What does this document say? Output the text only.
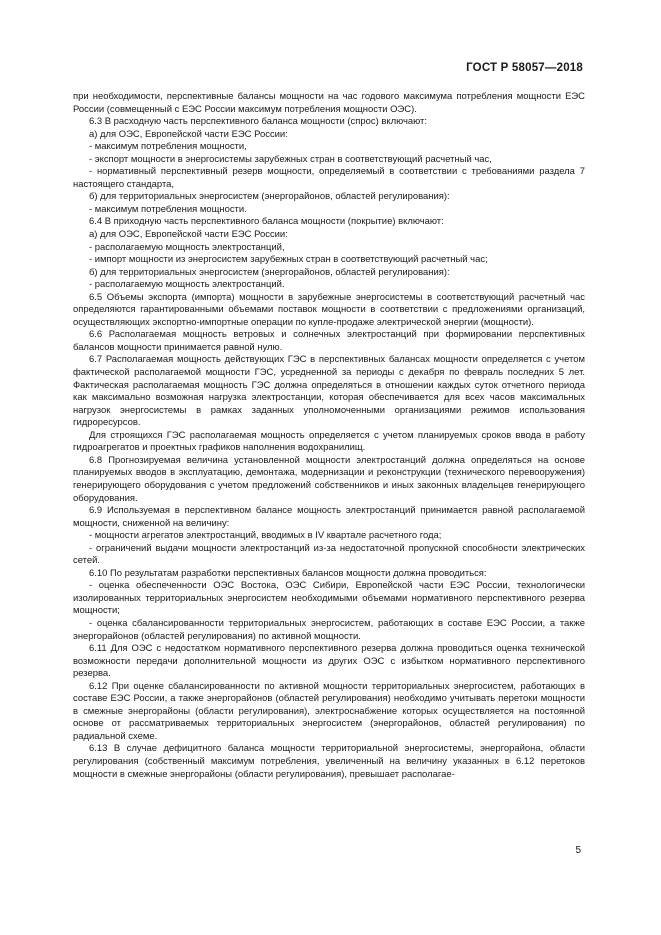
ГОСТ Р 58057—2018

при необходимости, перспективные балансы мощности на час годового максимума потребления мощности ЕЭС России (совмещенный с ЕЭС России максимум потребления мощности ОЭС).

6.3 В расходную часть перспективного баланса мощности (спрос) включают:

а) для ОЭС, Европейской части ЕЭС России:

- максимум потребления мощности,

- экспорт мощности в энергосистемы зарубежных стран в соответствующий расчетный час,

- нормативный перспективный резерв мощности, определяемый в соответствии с требованиями раздела 7 настоящего стандарта,

б) для территориальных энергосистем (энергорайонов, областей регулирования):

- максимум потребления мощности.

6.4 В приходную часть перспективного баланса мощности (покрытие) включают:

а) для ОЭС, Европейской части ЕЭС России:

- располагаемую мощность электростанций,

- импорт мощности из энергосистем зарубежных стран в соответствующий расчетный час;

б) для территориальных энергосистем (энергорайонов, областей регулирования):

- располагаемую мощность электростанций.

6.5 Объемы экспорта (импорта) мощности в зарубежные энергосистемы в соответствующий расчетный час определяются гарантированными объемами поставок мощности в соответствии с предложениями организаций, осуществляющих экспортно-импортные операции по купле-продаже электрической энергии (мощности).

6.6 Располагаемая мощность ветровых и солнечных электростанций при формировании перспективных балансов мощности принимается равной нулю.

6.7 Располагаемая мощность действующих ГЭС в перспективных балансах мощности определяется с учетом фактической располагаемой мощности ГЭС, усредненной за периоды с декабря по февраль последних 5 лет. Фактическая располагаемая мощность ГЭС должна определяться в отношении каждых суток отчетного периода как максимально возможная нагрузка электростанции, которая обеспечивается для всех часов максимальных нагрузок энергосистемы в рамках заданных уполномоченными организациями режимов использования гидроресурсов.

Для строящихся ГЭС располагаемая мощность определяется с учетом планируемых сроков ввода в работу гидроагрегатов и проектных графиков наполнения водохранилищ.

6.8 Прогнозируемая величина установленной мощности электростанций должна определяться на основе планируемых вводов в эксплуатацию, демонтажа, модернизации и реконструкции (технического перевооружения) генерирующего оборудования с учетом предложений собственников и иных законных владельцев генерирующего оборудования.

6.9 Используемая в перспективном балансе мощность электростанций принимается равной располагаемой мощности, сниженной на величину:

- мощности агрегатов электростанций, вводимых в IV квартале расчетного года;

- ограничений выдачи мощности электростанций из-за недостаточной пропускной способности электрических сетей.

6.10 По результатам разработки перспективных балансов мощности должна проводиться:

- оценка обеспеченности ОЭС Востока, ОЭС Сибири, Европейской части ЕЭС России, технологически изолированных территориальных энергосистем необходимыми объемами нормативного перспективного резерва мощности;

- оценка сбалансированности территориальных энергосистем, работающих в составе ЕЭС России, а также энергорайонов (областей регулирования) по активной мощности.

6.11 Для ОЭС с недостатком нормативного перспективного резерва должна проводиться оценка технической возможности передачи дополнительной мощности из других ОЭС с избытком нормативного перспективного резерва.

6.12 При оценке сбалансированности по активной мощности территориальных энергосистем, работающих в составе ЕЭС России, а также энергорайонов (областей регулирования) необходимо учитывать перетоки мощности в смежные энергорайоны (области регулирования), электроснабжение которых осуществляется на постоянной основе от рассматриваемых территориальных энергосистем (энергорайонов, областей регулирования) по радиальной схеме.

6.13 В случае дефицитного баланса мощности территориальной энергосистемы, энергорайона, области регулирования (собственный максимум потребления, увеличенный на величину указанных в 6.12 перетоков мощности в смежные энергорайоны (области регулирования), превышает располагае-

5
